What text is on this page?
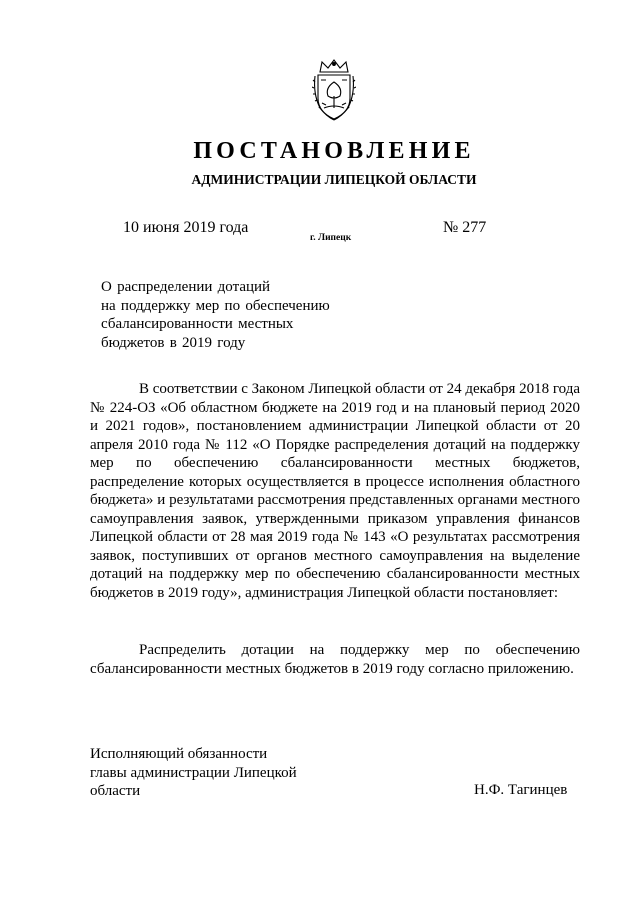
ПОСТАНОВЛЕНИЕ
АДМИНИСТРАЦИИ ЛИПЕЦКОЙ ОБЛАСТИ
10 июня 2019 года
г. Липецк
№ 277
О распределении дотаций
на поддержку мер по обеспечению
сбалансированности местных
бюджетов в 2019 году
В соответствии с Законом Липецкой области от 24 декабря 2018 года № 224-ОЗ «Об областном бюджете на 2019 год и на плановый период 2020 и 2021 годов», постановлением администрации Липецкой области от 20 апреля 2010 года № 112 «О Порядке распределения дотаций на поддержку мер по обеспечению сбалансированности местных бюджетов, распределение которых осуществляется в процессе исполнения областного бюджета» и результатами рассмотрения представленных органами местного самоуправления заявок, утвержденными приказом управления финансов Липецкой области от 28 мая 2019 года № 143 «О результатах рассмотрения заявок, поступивших от органов местного самоуправления на выделение дотаций на поддержку мер по обеспечению сбалансированности местных бюджетов в 2019 году», администрация Липецкой области постановляет:
Распределить дотации на поддержку мер по обеспечению сбалансированности местных бюджетов в 2019 году согласно приложению.
Исполняющий обязанности
главы администрации Липецкой
области	Н.Ф. Тагинцев
